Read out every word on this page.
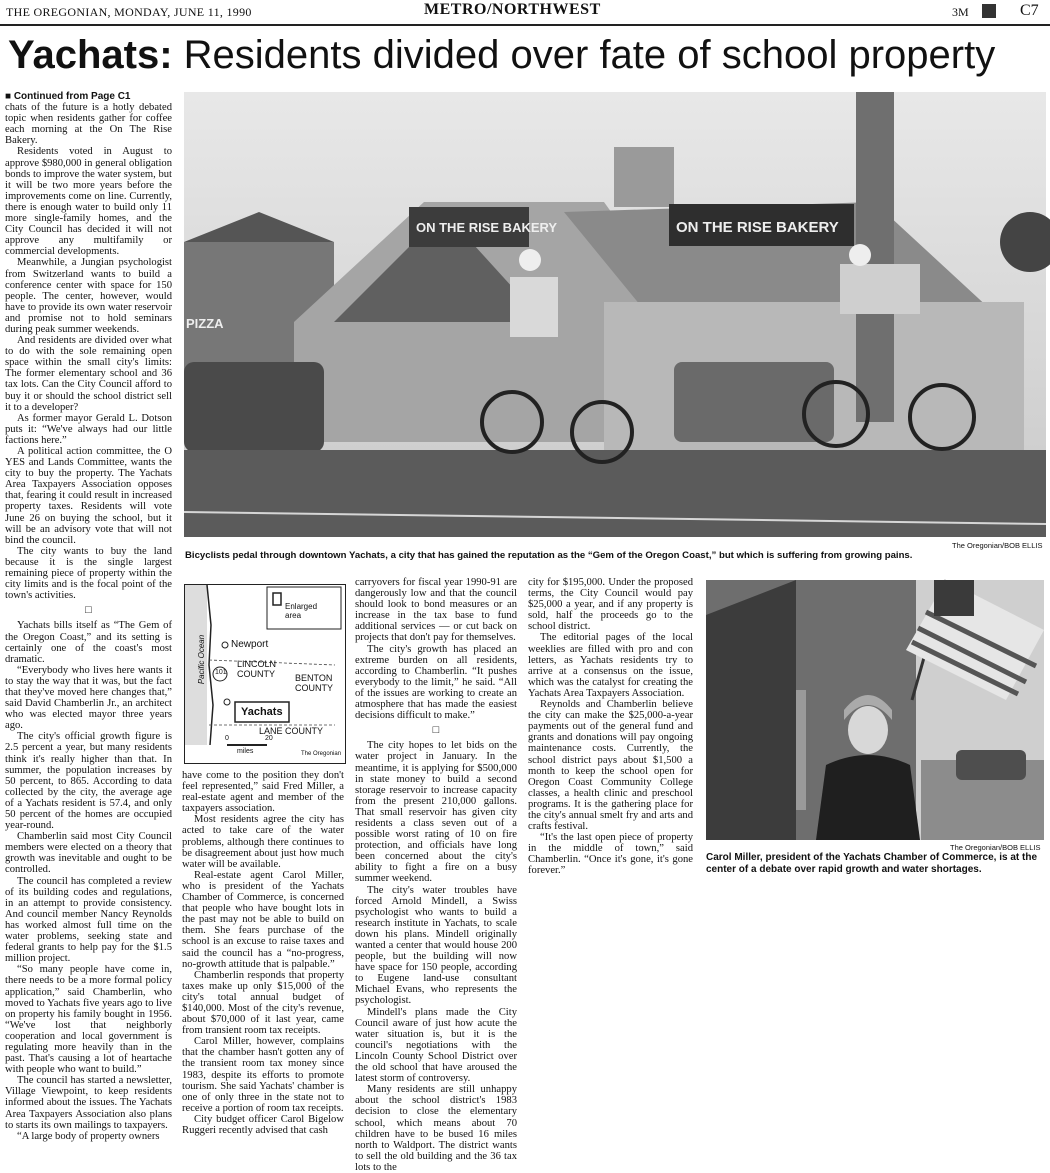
THE OREGONIAN, MONDAY, JUNE 11, 1990	METRO/NORTHWEST	3M	C7
Yachats: Residents divided over fate of school property

■ Continued from Page C1

chats of the future is a hotly debated topic when residents gather for coffee each morning at the On The Rise Bakery.

Residents voted in August to approve $980,000 in general obligation bonds to improve the water system, but it will be two more years before the improvements come on line. Currently, there is enough water to build only 11 more single-family homes, and the City Council has decided it will not approve any multifamily or commercial developments.

Meanwhile, a Jungian psychologist from Switzerland wants to build a conference center with space for 150 people. The center, however, would have to provide its own water reservoir and promise not to hold seminars during peak summer weekends.

And residents are divided over what to do with the sole remaining open space within the small city's limits: The former elementary school and 36 tax lots. Can the City Council afford to buy it or should the school district sell it to a developer?

As former mayor Gerald L. Dotson puts it: “We've always had our little factions here.”

A political action committee, the O YES and Lands Committee, wants the city to buy the property. The Yachats Area Taxpayers Association opposes that, fearing it could result in increased property taxes. Residents will vote June 26 on buying the school, but it will be an advisory vote that will not bind the council.

The city wants to buy the land because it is the single largest remaining piece of property within the city limits and is the focal point of the town's activities.

□

Yachats bills itself as “The Gem of the Oregon Coast,” and its setting is certainly one of the coast's most dramatic.

“Everybody who lives here wants it to stay the way that it was, but the fact that they've moved here changes that,” said David Chamberlin Jr., an architect who was elected mayor three years ago.

The city's official growth figure is 2.5 percent a year, but many residents think it's really higher than that. In summer, the population increases by 50 percent, to 865. According to data collected by the city, the average age of a Yachats resident is 57.4, and only 50 percent of the homes are occupied year-round.

Chamberlin said most City Council members were elected on a theory that growth was inevitable and ought to be controlled.

The council has completed a review of its building codes and regulations, in an attempt to provide consistency. And council member Nancy Reynolds has worked almost full time on the water problems, seeking state and federal grants to help pay for the $1.5 million project.

“So many people have come in, there needs to be a more formal policy application,” said Chamberlin, who moved to Yachats five years ago to live on property his family bought in 1956. “We've lost that neighborly cooperation and local government is regulating more heavily than in the past. That's causing a lot of heartache with people who want to build.”

The council has started a newsletter, Village Viewpoint, to keep residents informed about the issues. The Yachats Area Taxpayers Association also plans to starts its own mailings to taxpayers.

“A large body of property owners

ON THE RISE BAKERY	ON THE RISE BAKERY
PIZZA
The Oregonian/BOB ELLIS
Bicyclists pedal through downtown Yachats, a city that has gained the reputation as the “Gem of the Oregon Coast,” but which is suffering from growing pains.
Enlarged area
Newport
LINCOLN COUNTY	BENTON COUNTY
Pacific Ocean 101
Yachats
LANE COUNTY
0	20
miles	The Oregonian

have come to the position they don't feel represented,” said Fred Miller, a real-estate agent and member of the taxpayers association.

Most residents agree the city has acted to take care of the water problems, although there continues to be disagreement about just how much water will be available.

Real-estate agent Carol Miller, who is president of the Yachats Chamber of Commerce, is concerned that people who have bought lots in the past may not be able to build on them. She fears purchase of the school is an excuse to raise taxes and said the council has a “no-progress, no-growth attitude that is palpable.”

Chamberlin responds that property taxes make up only $15,000 of the city's total annual budget of $140,000. Most of the city's revenue, about $70,000 of it last year, came from transient room tax receipts.

Carol Miller, however, complains that the chamber hasn't gotten any of the transient room tax money since 1983, despite its efforts to promote tourism. She said Yachats' chamber is one of only three in the state not to receive a portion of room tax receipts.

City budget officer Carol Bigelow Ruggeri recently advised that cash

carryovers for fiscal year 1990-91 are dangerously low and that the council should look to bond measures or an increase in the tax base to fund additional services — or cut back on projects that don't pay for themselves.

The city's growth has placed an extreme burden on all residents, according to Chamberlin. “It pushes everybody to the limit,” he said. “All of the issues are working to create an atmosphere that has made the easiest decisions difficult to make.”

□

The city hopes to let bids on the water project in January. In the meantime, it is applying for $500,000 in state money to build a second storage reservoir to increase capacity from the present 210,000 gallons. That small reservoir has given city residents a class seven out of a possible worst rating of 10 on fire protection, and officials have long been concerned about the city's ability to fight a fire on a busy summer weekend.

The city's water troubles have forced Arnold Mindell, a Swiss psychologist who wants to build a research institute in Yachats, to scale down his plans. Mindell originally wanted a center that would house 200 people, but the building will now have space for 150 people, according to Eugene land-use consultant Michael Evans, who represents the psychologist.

Mindell's plans made the City Council aware of just how acute the water situation is, but it is the council's negotiations with the Lincoln County School District over the old school that have aroused the latest storm of controversy.

Many residents are still unhappy about the school district's 1983 decision to close the elementary school, which means about 70 children have to be bused 16 miles north to Waldport. The district wants to sell the old building and the 36 tax lots to the

city for $195,000. Under the proposed terms, the City Council would pay $25,000 a year, and if any property is sold, half the proceeds go to the school district.

The editorial pages of the local weeklies are filled with pro and con letters, as Yachats residents try to arrive at a consensus on the issue, which was the catalyst for creating the Yachats Area Taxpayers Association.

Reynolds and Chamberlin believe the city can make the $25,000-a-year payments out of the general fund and grants and donations will pay ongoing maintenance costs. Currently, the school district pays about $1,500 a month to keep the school open for Oregon Coast Community College classes, a health clinic and preschool programs. It is the gathering place for the city's annual smelt fry and arts and crafts festival.

“It's the last open piece of property in the middle of town,” said Chamberlin. “Once it's gone, it's gone forever.”

The Oregonian/BOB ELLIS
Carol Miller, president of the Yachats Chamber of Commerce, is at the center of a debate over rapid growth and water shortages.
